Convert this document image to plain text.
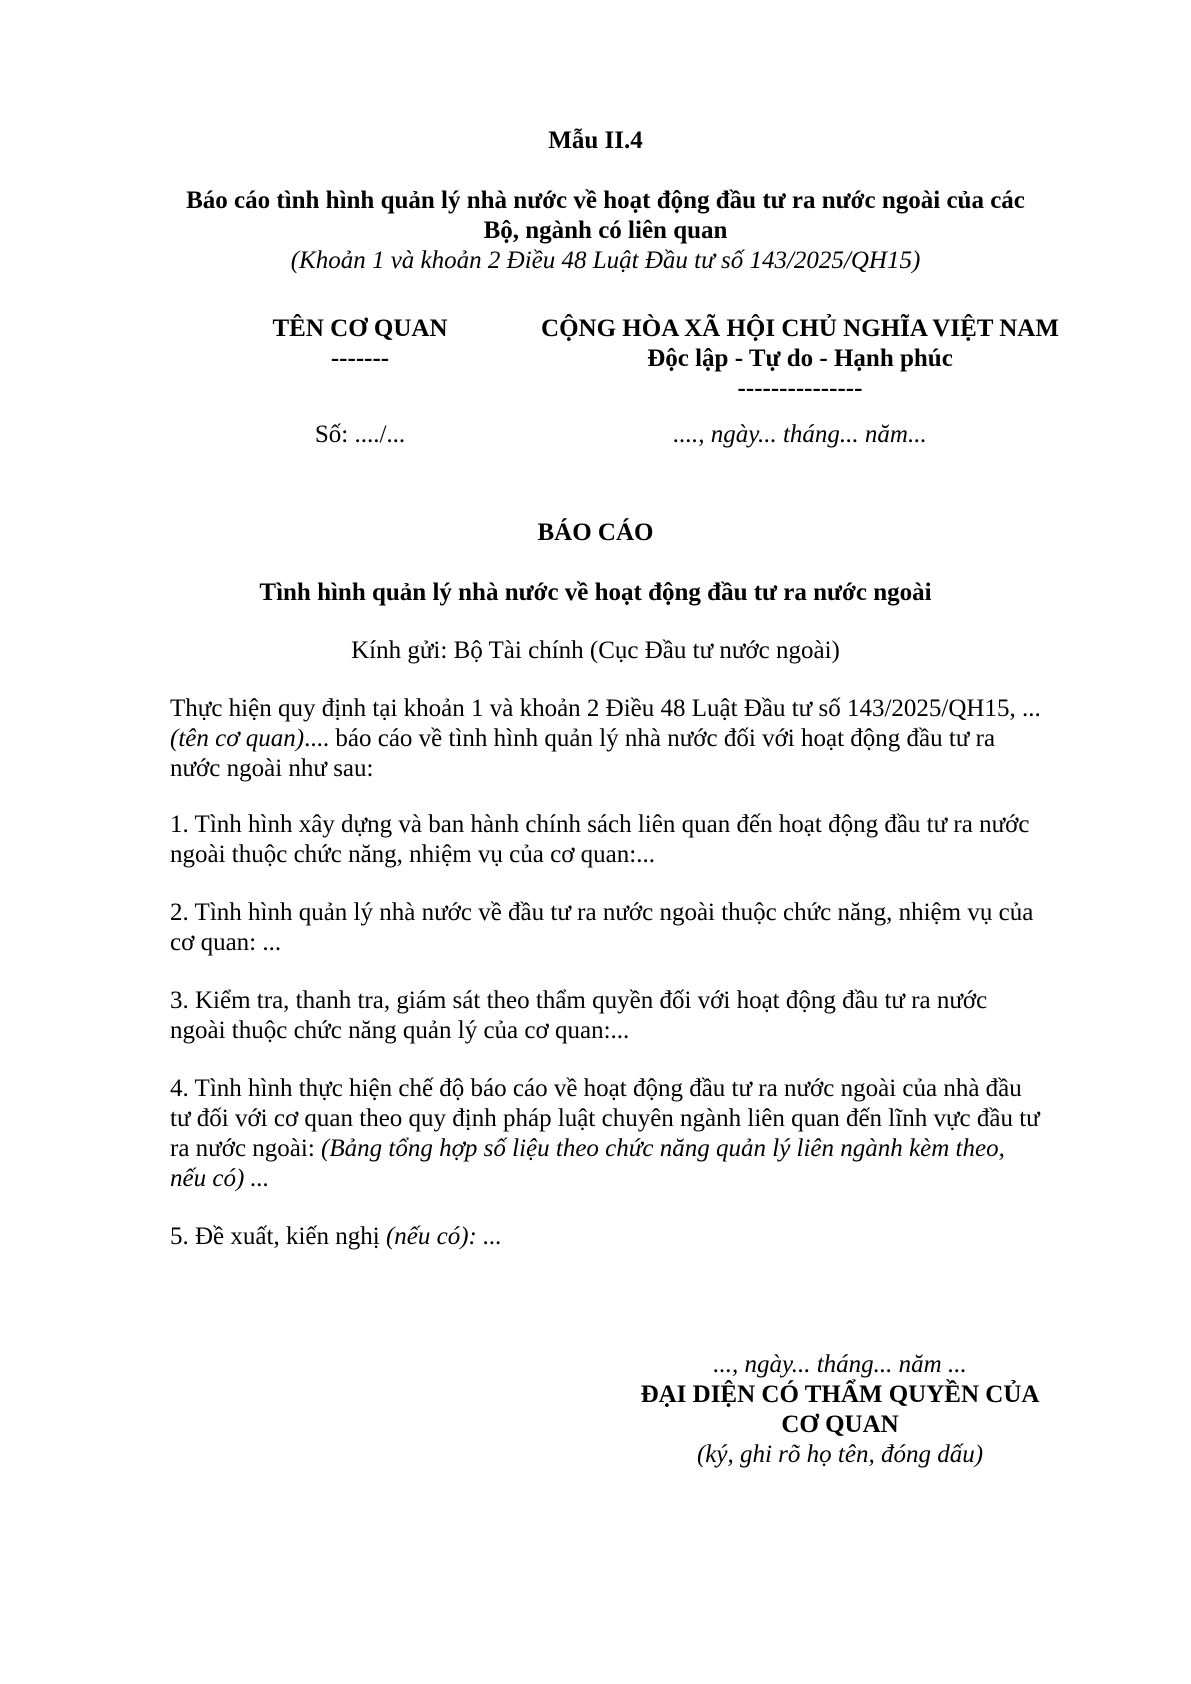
Mẫu II.4

Báo cáo tình hình quản lý nhà nước về hoạt động đầu tư ra nước ngoài của các

Bộ, ngành có liên quan

(Khoản 1 và khoản 2 Điều 48 Luật Đầu tư số 143/2025/QH15)
TÊN CƠ QUAN
-------
Số: ..../...
CỘNG HÒA XÃ HỘI CHỦ NGHĨA VIỆT NAM
Độc lập - Tự do - Hạnh phúc
---------------
...., ngày... tháng... năm...
BÁO CÁO
Tình hình quản lý nhà nước về hoạt động đầu tư ra nước ngoài
Kính gửi: Bộ Tài chính (Cục Đầu tư nước ngoài)

Thực hiện quy định tại khoản 1 và khoản 2 Điều 48 Luật Đầu tư số 143/2025/QH15, ...

(tên cơ quan).... báo cáo về tình hình quản lý nhà nước đối với hoạt động đầu tư ra

nước ngoài như sau:

1. Tình hình xây dựng và ban hành chính sách liên quan đến hoạt động đầu tư ra nước

ngoài thuộc chức năng, nhiệm vụ của cơ quan:...

2. Tình hình quản lý nhà nước về đầu tư ra nước ngoài thuộc chức năng, nhiệm vụ của

cơ quan: ...

3. Kiểm tra, thanh tra, giám sát theo thẩm quyền đối với hoạt động đầu tư ra nước

ngoài thuộc chức năng quản lý của cơ quan:...

4. Tình hình thực hiện chế độ báo cáo về hoạt động đầu tư ra nước ngoài của nhà đầu

tư đối với cơ quan theo quy định pháp luật chuyên ngành liên quan đến lĩnh vực đầu tư

ra nước ngoài: (Bảng tổng hợp số liệu theo chức năng quản lý liên ngành kèm theo,

nếu có) ...

5. Đề xuất, kiến nghị (nếu có): ...

..., ngày... tháng... năm ...
ĐẠI DIỆN CÓ THẨM QUYỀN CỦA
CƠ QUAN
(ký, ghi rõ họ tên, đóng dấu)
